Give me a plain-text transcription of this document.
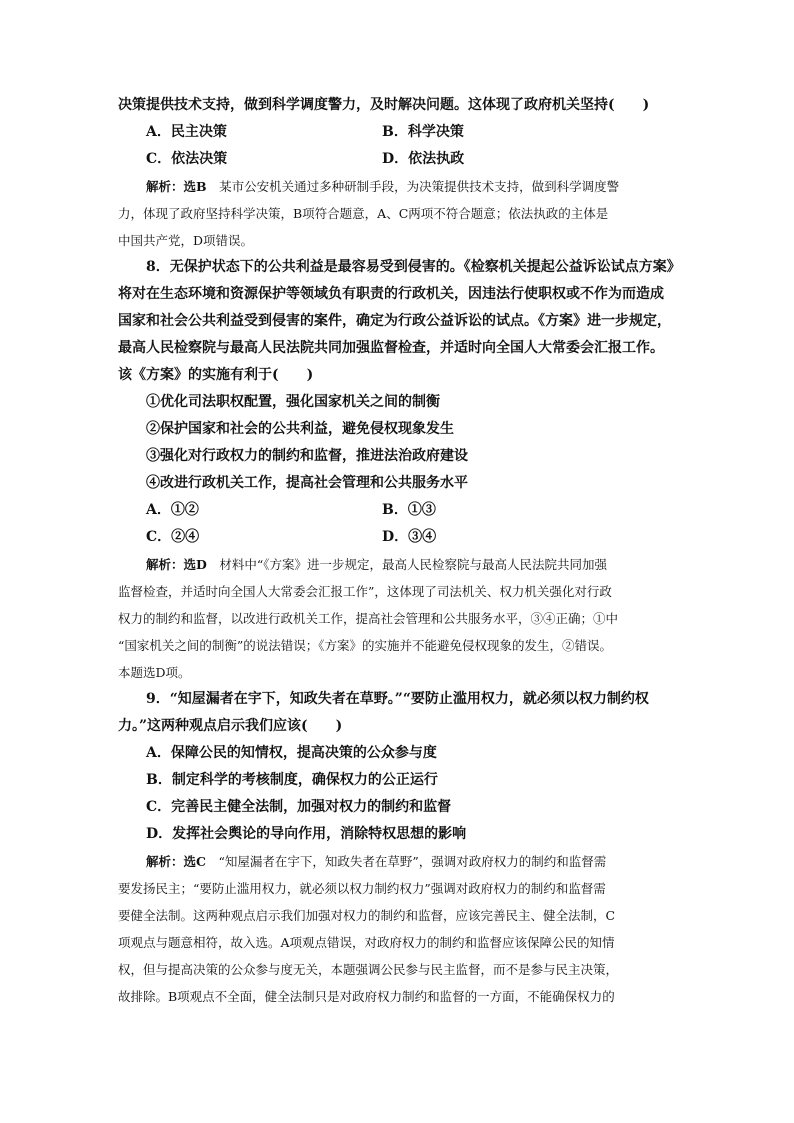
决策提供技术支持，做到科学调度警力，及时解决问题。这体现了政府机关坚持(　　)
A．民主决策	B．科学决策
C．依法决策	D．依法执政
解析：选B　某市公安机关通过多种研制手段，为决策提供技术支持，做到科学调度警
力，体现了政府坚持科学决策，B项符合题意，A、C两项不符合题意；依法执政的主体是
中国共产党，D项错误。
8．无保护状态下的公共利益是最容易受到侵害的。《检察机关提起公益诉讼试点方案》
将对在生态环境和资源保护等领域负有职责的行政机关，因违法行使职权或不作为而造成
国家和社会公共利益受到侵害的案件，确定为行政公益诉讼的试点。《方案》进一步规定，
最高人民检察院与最高人民法院共同加强监督检查，并适时向全国人大常委会汇报工作。
该《方案》的实施有利于(　　)
①优化司法职权配置，强化国家机关之间的制衡
②保护国家和社会的公共利益，避免侵权现象发生
③强化对行政权力的制约和监督，推进法治政府建设
④改进行政机关工作，提高社会管理和公共服务水平
A．①②	B．①③
C．②④	D．③④
解析：选D　材料中“《方案》进一步规定，最高人民检察院与最高人民法院共同加强
监督检查，并适时向全国人大常委会汇报工作”，这体现了司法机关、权力机关强化对行政
权力的制约和监督，以改进行政机关工作，提高社会管理和公共服务水平，③④正确；①中
“国家机关之间的制衡”的说法错误；《方案》的实施并不能避免侵权现象的发生，②错误。
本题选D项。
9．“知屋漏者在宇下，知政失者在草野。”“要防止滥用权力，就必须以权力制约权
力。”这两种观点启示我们应该(　　)
A．保障公民的知情权，提高决策的公众参与度
B．制定科学的考核制度，确保权力的公正运行
C．完善民主健全法制，加强对权力的制约和监督
D．发挥社会舆论的导向作用，消除特权思想的影响
解析：选C　“知屋漏者在宇下，知政失者在草野”，强调对政府权力的制约和监督需
要发扬民主；“要防止滥用权力，就必须以权力制约权力”强调对政府权力的制约和监督需
要健全法制。这两种观点启示我们加强对权力的制约和监督，应该完善民主、健全法制，C
项观点与题意相符，故入选。A项观点错误，对政府权力的制约和监督应该保障公民的知情
权，但与提高决策的公众参与度无关，本题强调公民参与民主监督，而不是参与民主决策，
故排除。B项观点不全面，健全法制只是对政府权力制约和监督的一方面，不能确保权力的
